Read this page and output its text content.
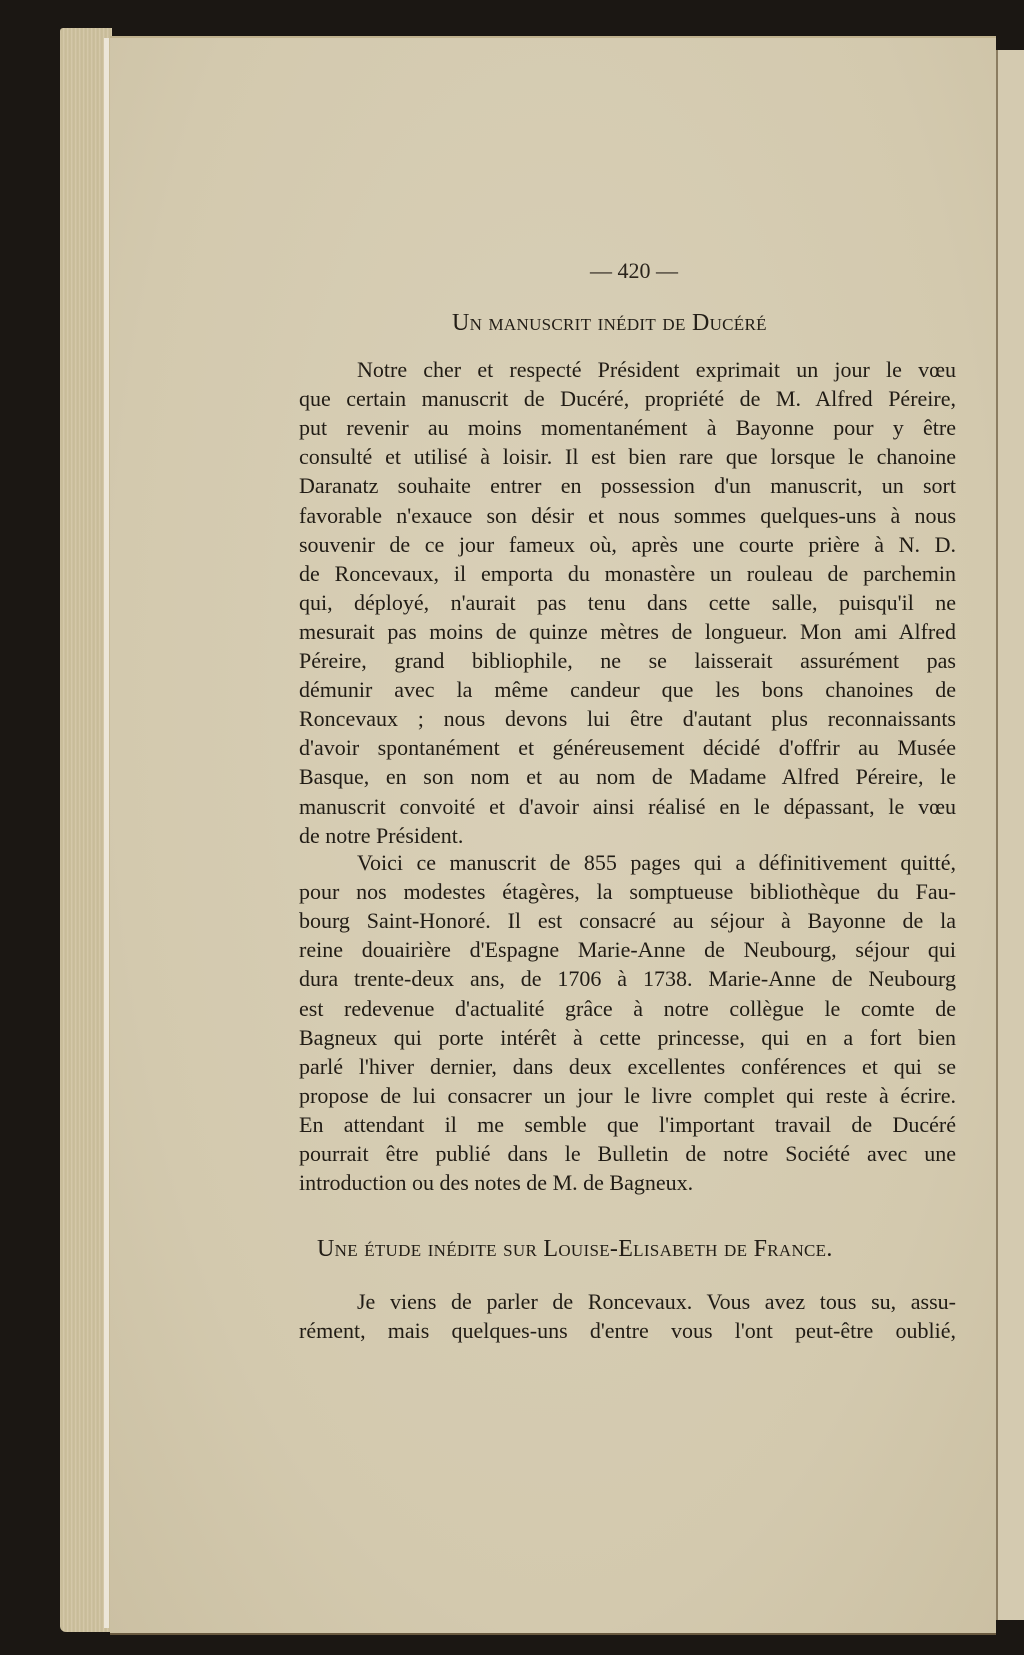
— 420 —
Un manuscrit inédit de Ducéré
Une étude inédite sur Louise-Elisabeth de France.
Notre cher et respecté Président exprimait un jour le vœu
que certain manuscrit de Ducéré, propriété de M. Alfred Péreire,
put revenir au moins momentanément à Bayonne pour y être
consulté et utilisé à loisir. Il est bien rare que lorsque le chanoine
Daranatz souhaite entrer en possession d'un manuscrit, un sort
favorable n'exauce son désir et nous sommes quelques-uns à nous
souvenir de ce jour fameux où, après une courte prière à N. D.
de Roncevaux, il emporta du monastère un rouleau de parchemin
qui, déployé, n'aurait pas tenu dans cette salle, puisqu'il ne
mesurait pas moins de quinze mètres de longueur. Mon ami Alfred
Péreire, grand bibliophile, ne se laisserait assurément pas
démunir avec la même candeur que les bons chanoines de
Roncevaux ; nous devons lui être d'autant plus reconnaissants
d'avoir spontanément et généreusement décidé d'offrir au Musée
Basque, en son nom et au nom de Madame Alfred Péreire, le
manuscrit convoité et d'avoir ainsi réalisé en le dépassant, le vœu
de notre Président.
Voici ce manuscrit de 855 pages qui a définitivement quitté,
pour nos modestes étagères, la somptueuse bibliothèque du Fau-
bourg Saint-Honoré. Il est consacré au séjour à Bayonne de la
reine douairière d'Espagne Marie-Anne de Neubourg, séjour qui
dura trente-deux ans, de 1706 à 1738. Marie-Anne de Neubourg
est redevenue d'actualité grâce à notre collègue le comte de
Bagneux qui porte intérêt à cette princesse, qui en a fort bien
parlé l'hiver dernier, dans deux excellentes conférences et qui se
propose de lui consacrer un jour le livre complet qui reste à écrire.
En attendant il me semble que l'important travail de Ducéré
pourrait être publié dans le Bulletin de notre Société avec une
introduction ou des notes de M. de Bagneux.
Je viens de parler de Roncevaux. Vous avez tous su, assu-
rément, mais quelques-uns d'entre vous l'ont peut-être oublié,
